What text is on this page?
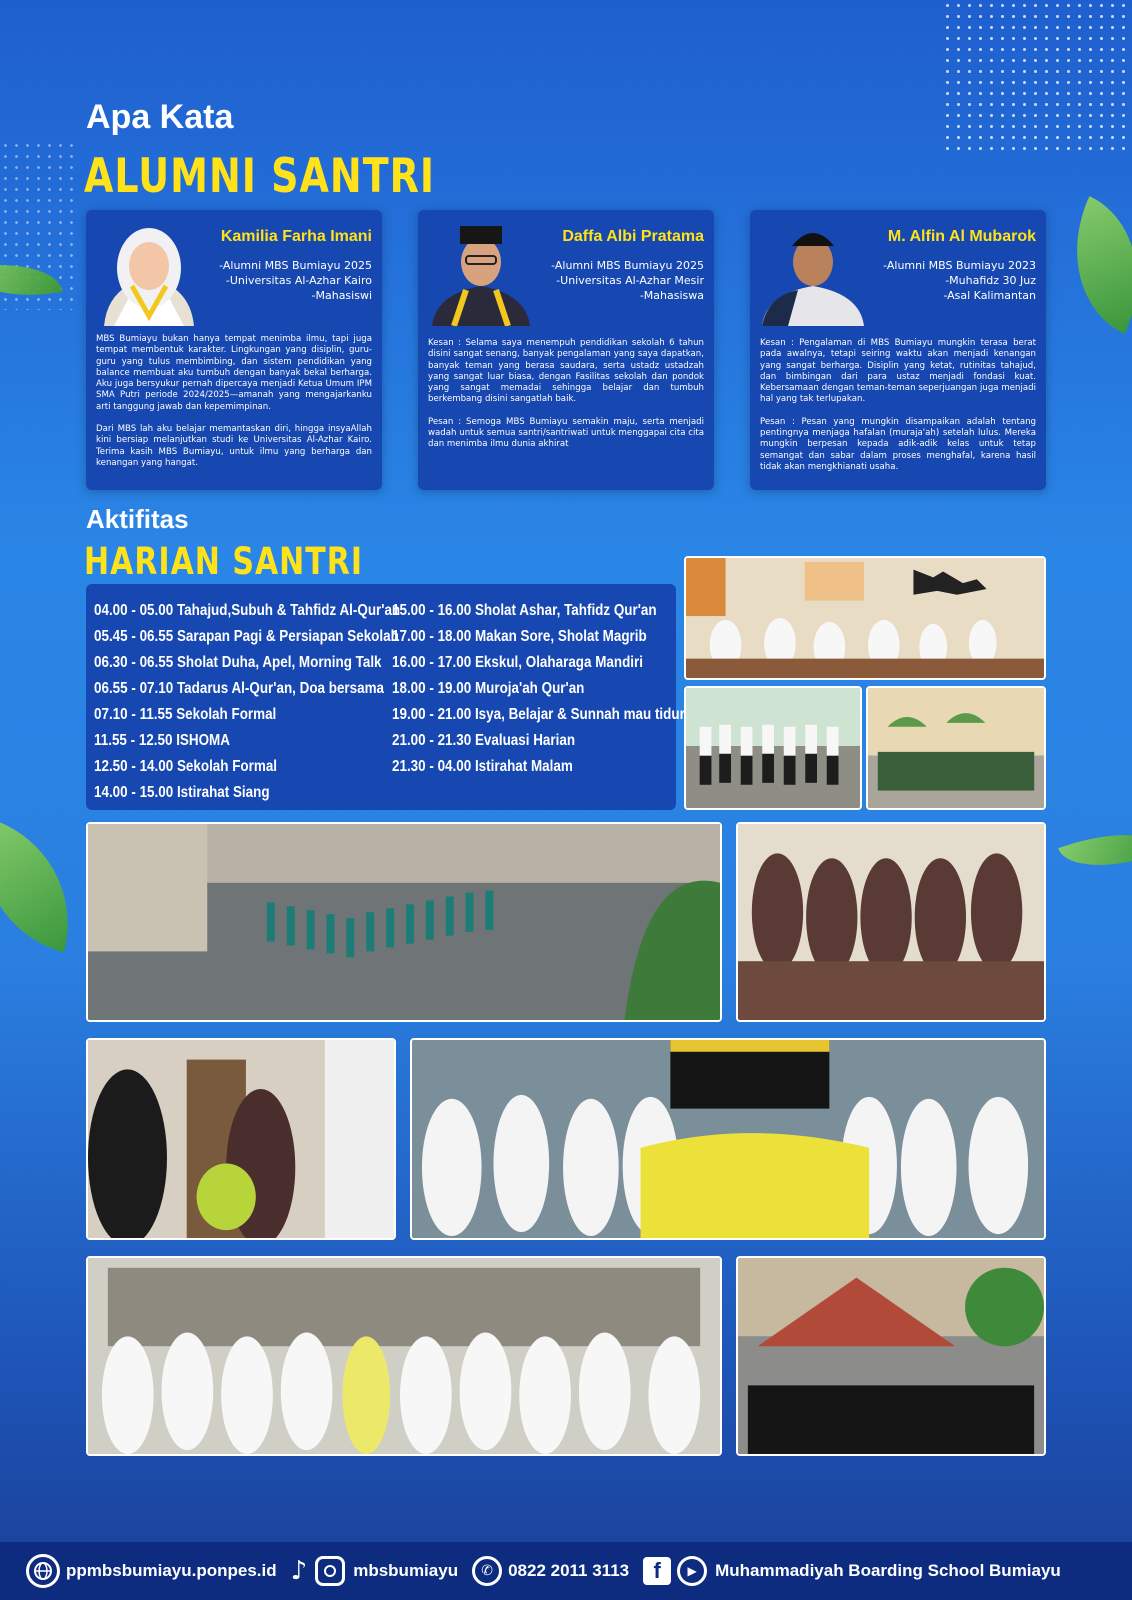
Apa Kata
ALUMNI SANTRI
Kamilia Farha Imani
-Alumni MBS Bumiayu 2025
-Universitas Al-Azhar Kairo
-Mahasiswi

MBS Bumiayu bukan hanya tempat menimba ilmu, tapi juga tempat membentuk karakter. Lingkungan yang disiplin, guru-guru yang tulus membimbing, dan sistem pendidikan yang balance membuat aku tumbuh dengan banyak bekal berharga. Aku juga bersyukur pernah dipercaya menjadi Ketua Umum IPM SMA Putri periode 2024/2025—amanah yang mengajarkanku arti tanggung jawab dan kepemimpinan.

Dari MBS lah aku belajar memantaskan diri, hingga insyaAllah kini bersiap melanjutkan studi ke Universitas Al-Azhar Kairo. Terima kasih MBS Bumiayu, untuk ilmu yang berharga dan kenangan yang hangat.

Daffa Albi Pratama
-Alumni MBS Bumiayu 2025
-Universitas Al-Azhar Mesir
-Mahasiswa

Kesan : Selama saya menempuh pendidikan sekolah 6 tahun disini sangat senang, banyak pengalaman yang saya dapatkan, banyak teman yang berasa saudara, serta ustadz ustadzah yang sangat luar biasa, dengan Fasilitas sekolah dan pondok yang sangat memadai sehingga belajar dan tumbuh berkembang disini sangatlah baik.

Pesan : Semoga MBS Bumiayu semakin maju, serta menjadi wadah untuk semua santri/santriwati untuk menggapai cita cita dan menimba ilmu dunia akhirat

M. Alfin Al Mubarok
-Alumni MBS Bumiayu 2023
-Muhafidz 30 Juz
-Asal Kalimantan

Kesan : Pengalaman di MBS Bumiayu mungkin terasa berat pada awalnya, tetapi seiring waktu akan menjadi kenangan yang sangat berharga. Disiplin yang ketat, rutinitas tahajud, dan bimbingan dari para ustaz menjadi fondasi kuat. Kebersamaan dengan teman-teman seperjuangan juga menjadi hal yang tak terlupakan.

Pesan : Pesan yang mungkin disampaikan adalah tentang pentingnya menjaga hafalan (muraja'ah) setelah lulus. Mereka mungkin berpesan kepada adik-adik kelas untuk tetap semangat dan sabar dalam proses menghafal, karena hasil tidak akan mengkhianati usaha.

Aktifitas
HARIAN SANTRI
04.00 - 05.00 Tahajud,Subuh & Tahfidz Al-Qur'an
05.45 - 06.55 Sarapan Pagi & Persiapan Sekolah
06.30 - 06.55 Sholat Duha, Apel, Morning Talk
06.55 - 07.10 Tadarus Al-Qur'an, Doa bersama
07.10 - 11.55 Sekolah Formal
11.55 - 12.50 ISHOMA
12.50 - 14.00 Sekolah Formal
14.00 - 15.00 Istirahat Siang
15.00 - 16.00 Sholat Ashar, Tahfidz Qur'an
17.00 - 18.00 Makan Sore, Sholat Magrib
16.00 - 17.00 Ekskul, Olaharaga Mandiri
18.00 - 19.00 Muroja'ah Qur'an
19.00 - 21.00 Isya, Belajar & Sunnah mau tidur
21.00 - 21.30 Evaluasi Harian
21.30 - 04.00 Istirahat Malam
ppmbsbumiayu.ponpes.id ♪	mbsbumiayu	✆ 0822 2011 3113	f	▶	Muhammadiyah Boarding School Bumiayu
